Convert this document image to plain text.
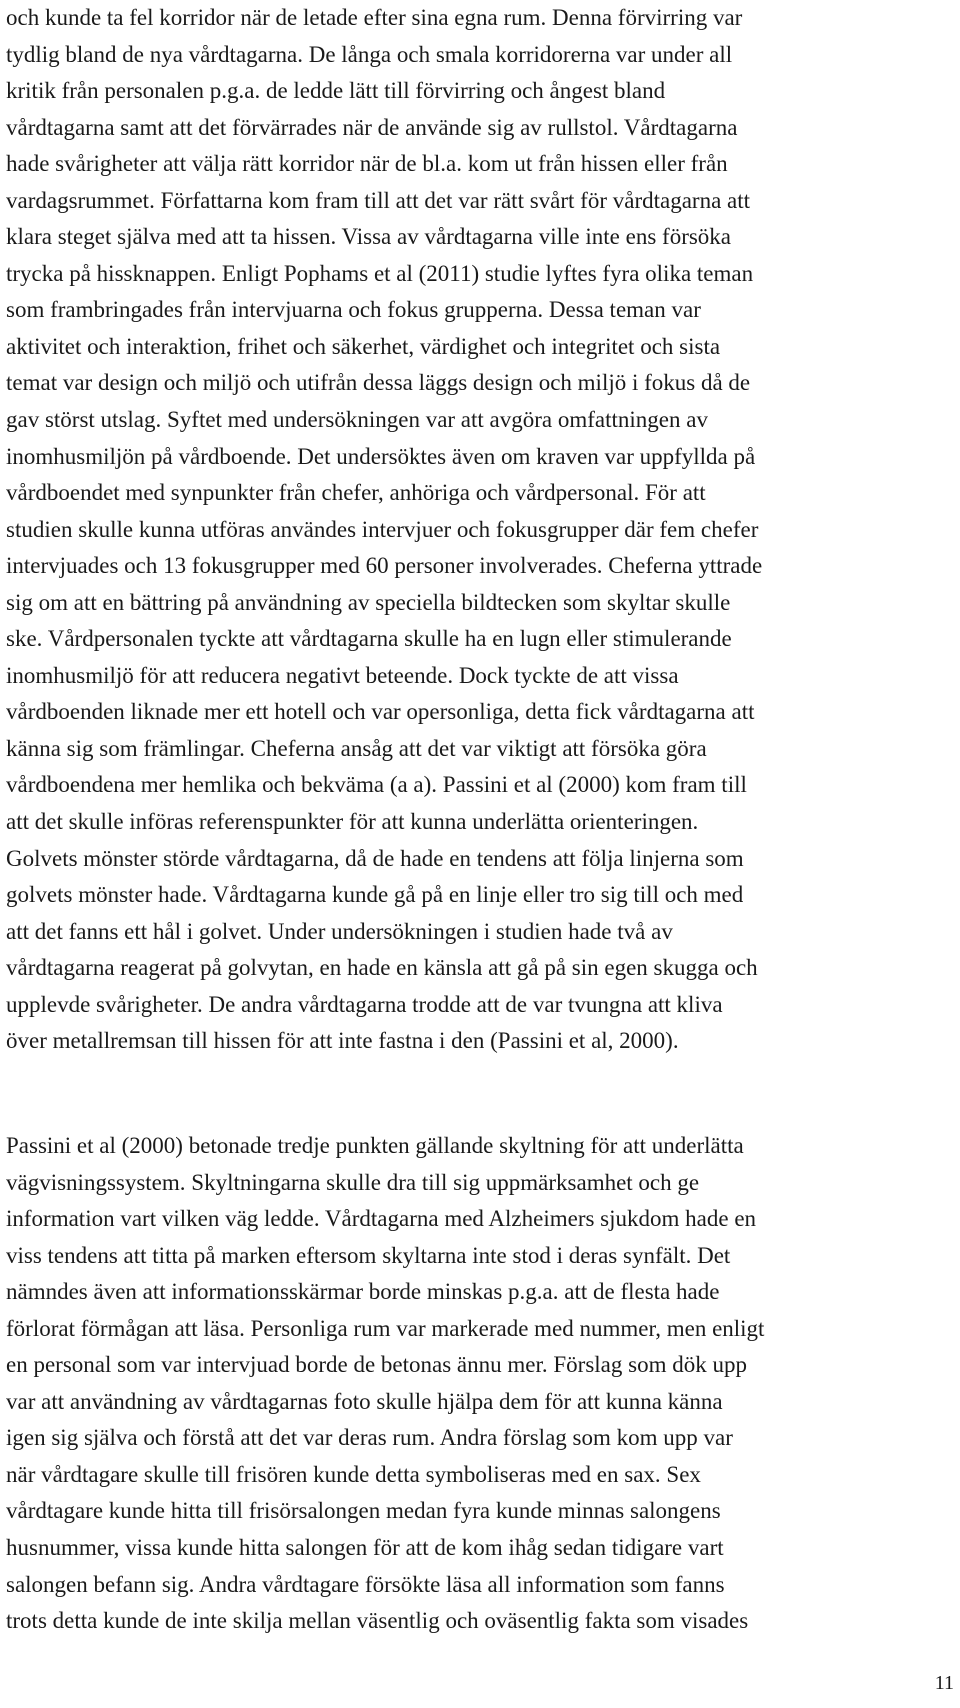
och kunde ta fel korridor när de letade efter sina egna rum. Denna förvirring var
tydlig bland de nya vårdtagarna. De långa och smala korridorerna var under all
kritik från personalen p.g.a. de ledde lätt till förvirring och ångest bland
vårdtagarna samt att det förvärrades när de använde sig av rullstol. Vårdtagarna
hade svårigheter att välja rätt korridor när de bl.a. kom ut från hissen eller från
vardagsrummet. Författarna kom fram till att det var rätt svårt för vårdtagarna att
klara steget själva med att ta hissen. Vissa av vårdtagarna ville inte ens försöka
trycka på hissknappen. Enligt Pophams et al (2011) studie lyftes fyra olika teman
som frambringades från intervjuarna och fokus grupperna. Dessa teman var
aktivitet och interaktion, frihet och säkerhet, värdighet och integritet och sista
temat var design och miljö och utifrån dessa läggs design och miljö i fokus då de
gav störst utslag. Syftet med undersökningen var att avgöra omfattningen av
inomhusmiljön på vårdboende. Det undersöktes även om kraven var uppfyllda på
vårdboendet med synpunkter från chefer, anhöriga och vårdpersonal. För att
studien skulle kunna utföras användes intervjuer och fokusgrupper där fem chefer
intervjuades och 13 fokusgrupper med 60 personer involverades. Cheferna yttrade
sig om att en bättring på användning av speciella bildtecken som skyltar skulle
ske. Vårdpersonalen tyckte att vårdtagarna skulle ha en lugn eller stimulerande
inomhusmiljö för att reducera negativt beteende. Dock tyckte de att vissa
vårdboenden liknade mer ett hotell och var opersonliga, detta fick vårdtagarna att
känna sig som främlingar. Cheferna ansåg att det var viktigt att försöka göra
vårdboendena mer hemlika och bekväma (a a). Passini et al (2000) kom fram till
att det skulle införas referenspunkter för att kunna underlätta orienteringen.
Golvets mönster störde vårdtagarna, då de hade en tendens att följa linjerna som
golvets mönster hade. Vårdtagarna kunde gå på en linje eller tro sig till och med
att det fanns ett hål i golvet. Under undersökningen i studien hade två av
vårdtagarna reagerat på golvytan, en hade en känsla att gå på sin egen skugga och
upplevde svårigheter. De andra vårdtagarna trodde att de var tvungna att kliva
över metallremsan till hissen för att inte fastna i den (Passini et al, 2000).
Passini et al (2000) betonade tredje punkten gällande skyltning för att underlätta
vägvisningssystem. Skyltningarna skulle dra till sig uppmärksamhet och ge
information vart vilken väg ledde. Vårdtagarna med Alzheimers sjukdom hade en
viss tendens att titta på marken eftersom skyltarna inte stod i deras synfält. Det
nämndes även att informationsskärmar borde minskas p.g.a. att de flesta hade
förlorat förmågan att läsa. Personliga rum var markerade med nummer, men enligt
en personal som var intervjuad borde de betonas ännu mer. Förslag som dök upp
var att användning av vårdtagarnas foto skulle hjälpa dem för att kunna känna
igen sig själva och förstå att det var deras rum. Andra förslag som kom upp var
när vårdtagare skulle till frisören kunde detta symboliseras med en sax. Sex
vårdtagare kunde hitta till frisörsalongen medan fyra kunde minnas salongens
husnummer, vissa kunde hitta salongen för att de kom ihåg sedan tidigare vart
salongen befann sig. Andra vårdtagare försökte läsa all information som fanns
trots detta kunde de inte skilja mellan väsentlig och oväsentlig fakta som visades
11
